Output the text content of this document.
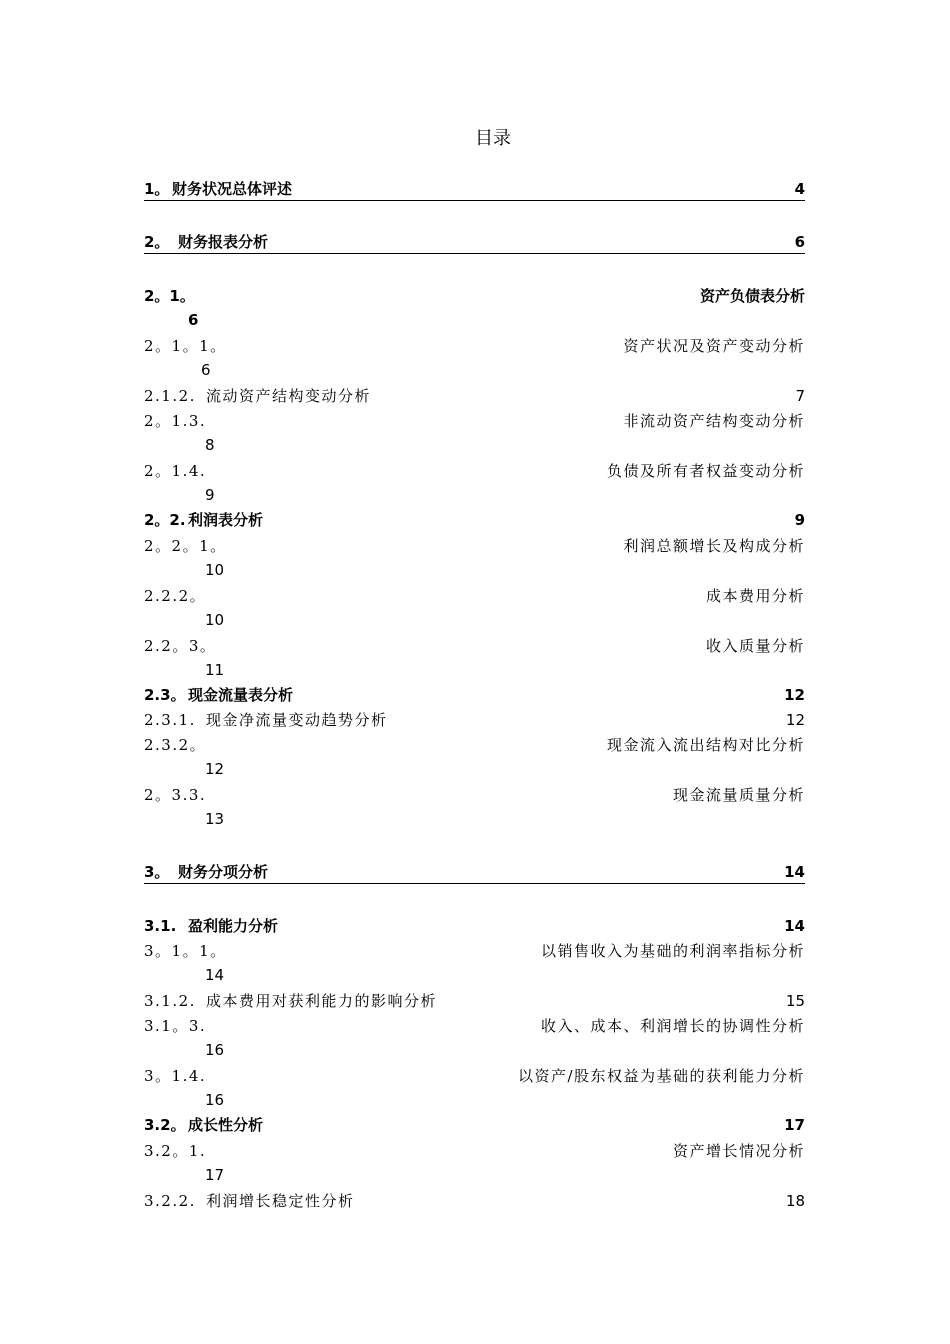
目录
1。 财务状况总体评述	4
2。 财务报表分析	6
2。1。	资产负债表分析
6
2。1。1。	资产状况及资产变动分析
6
2.1.2. 流动资产结构变动分析	7
2。1.3.	非流动资产结构变动分析
8
2。1.4.	负债及所有者权益变动分析
9
2。2. 利润表分析	9
2。2。1。	利润总额增长及构成分析
10
2.2.2。	成本费用分析
10
2.2。3。	收入质量分析
11
2.3。 现金流量表分析	12
2.3.1. 现金净流量变动趋势分析	12
2.3.2。	现金流入流出结构对比分析
12
2。3.3.	现金流量质量分析
13
3。 财务分项分析	14
3.1. 盈利能力分析	14
3。1。1。	以销售收入为基础的利润率指标分析
14
3.1.2. 成本费用对获利能力的影响分析	15
3.1。3.	收入、成本、利润增长的协调性分析
16
3。1.4.	以资产/股东权益为基础的获利能力分析
16
3.2。 成长性分析	17
3.2。1.	资产增长情况分析
17
3.2.2. 利润增长稳定性分析	18
